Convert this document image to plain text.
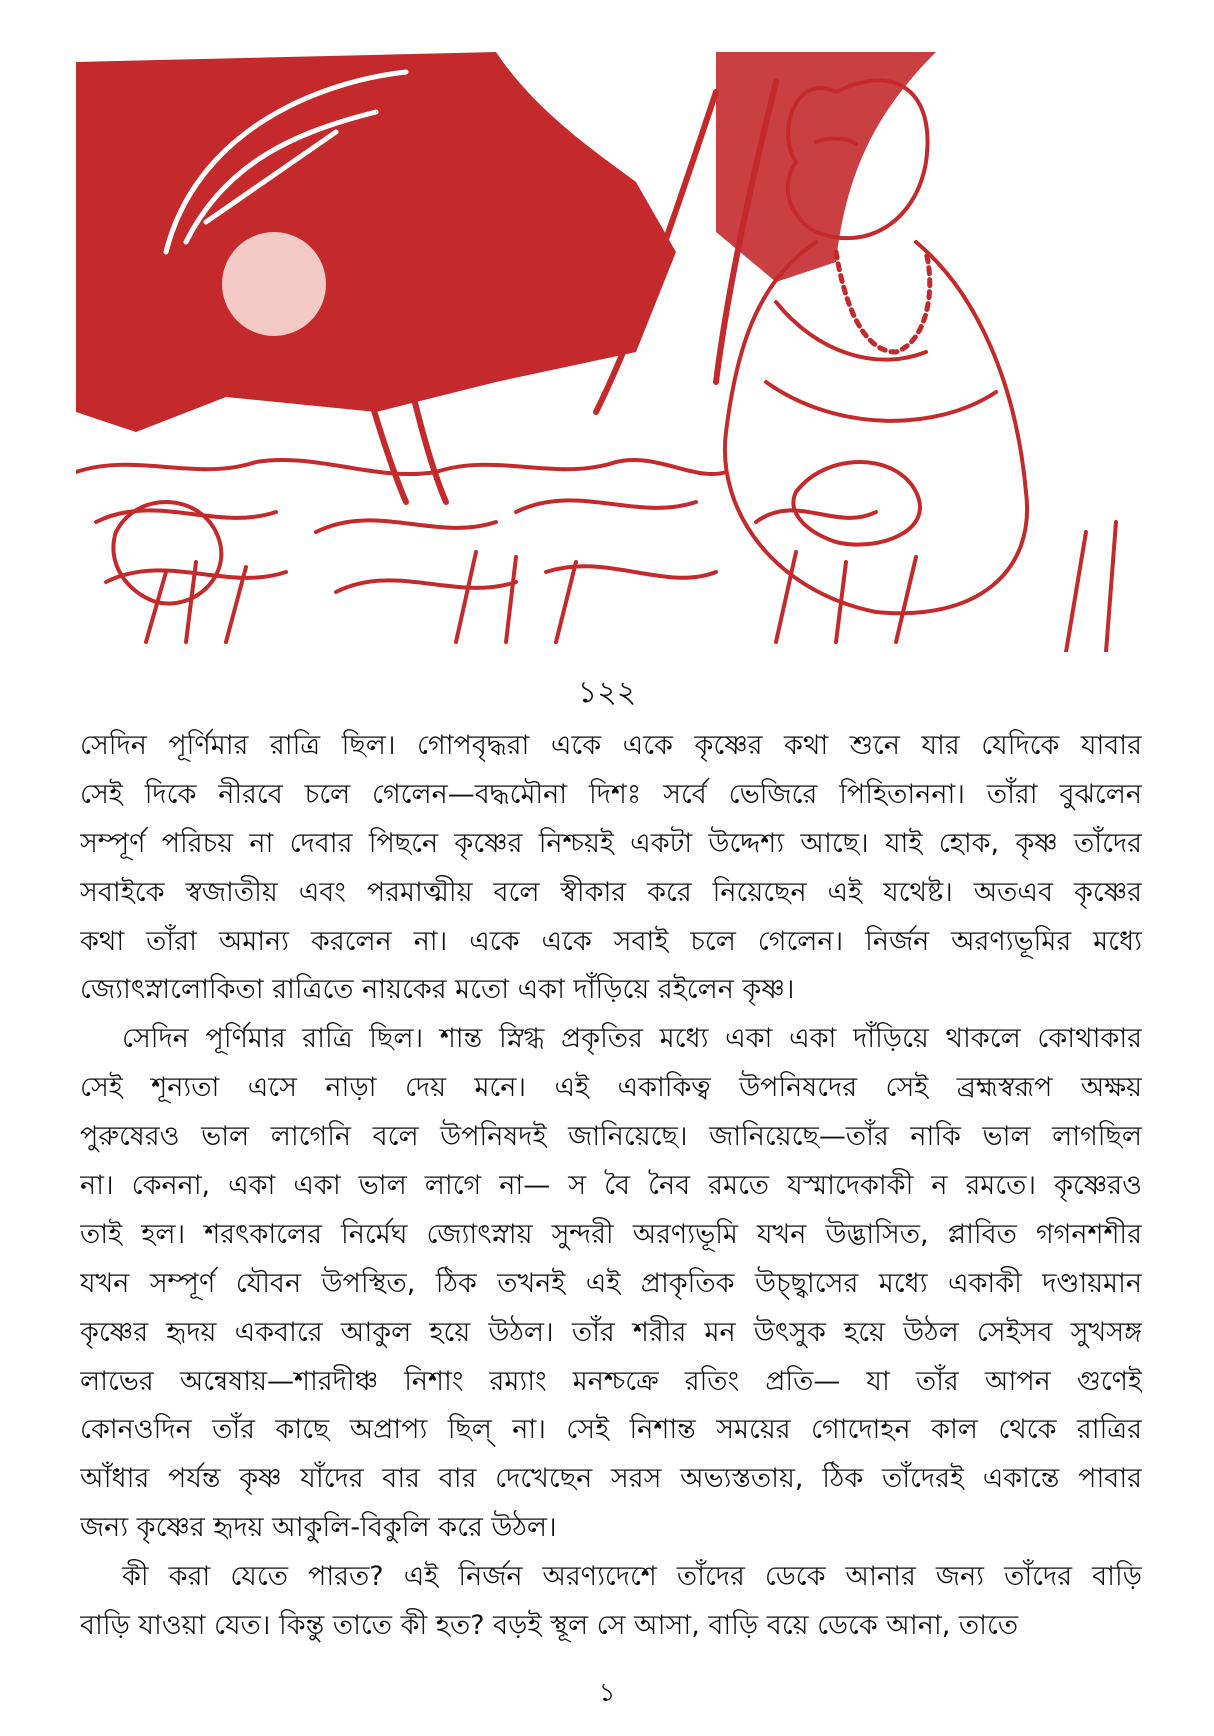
১২২
সেদিন পূর্ণিমার রাত্রি ছিল। গোপবৃদ্ধরা একে একে কৃষ্ণের কথা শুনে যার যেদিকে যাবার
সেই দিকে নীরবে চলে গেলেন—বদ্ধমৌনা দিশঃ সর্বে ভেজিরে পিহিতাননা। তাঁরা বুঝলেন
সম্পূর্ণ পরিচয় না দেবার পিছনে কৃষ্ণের নিশ্চয়ই একটা উদ্দেশ্য আছে। যাই হোক, কৃষ্ণ তাঁদের
সবাইকে স্বজাতীয় এবং পরমাত্মীয় বলে স্বীকার করে নিয়েছেন এই যথেষ্ট। অতএব কৃষ্ণের
কথা তাঁরা অমান্য করলেন না। একে একে সবাই চলে গেলেন। নির্জন অরণ্যভূমির মধ্যে
জ্যোৎস্নালোকিতা রাত্রিতে নায়কের মতো একা দাঁড়িয়ে রইলেন কৃষ্ণ।
সেদিন পূর্ণিমার রাত্রি ছিল। শান্ত স্নিগ্ধ প্রকৃতির মধ্যে একা একা দাঁড়িয়ে থাকলে কোথাকার
সেই শূন্যতা এসে নাড়া দেয় মনে। এই একাকিত্ব উপনিষদের সেই ব্রহ্মস্বরূপ অক্ষয়
পুরুষেরও ভাল লাগেনি বলে উপনিষদই জানিয়েছে। জানিয়েছে—তাঁর নাকি ভাল লাগছিল
না। কেননা, একা একা ভাল লাগে না— স বৈ নৈব রমতে যস্মাদেকাকী ন রমতে। কৃষ্ণেরও
তাই হল। শরৎকালের নির্মেঘ জ্যোৎস্নায় সুন্দরী অরণ্যভূমি যখন উদ্ভাসিত, প্লাবিত গগনশশীর
যখন সম্পূর্ণ যৌবন উপস্থিত, ঠিক তখনই এই প্রাকৃতিক উচ্ছ্বাসের মধ্যে একাকী দণ্ডায়মান
কৃষ্ণের হৃদয় একবারে আকুল হয়ে উঠল। তাঁর শরীর মন উৎসুক হয়ে উঠল সেইসব সুখসঙ্গ
লাভের অন্বেষায়—শারদীঞ্চ নিশাং রম্যাং মনশ্চক্রে রতিং প্রতি— যা তাঁর আপন গুণেই
কোনওদিন তাঁর কাছে অপ্রাপ্য ছিল্ না। সেই নিশান্ত সময়ের গোদোহন কাল থেকে রাত্রির
আঁধার পর্যন্ত কৃষ্ণ যাঁদের বার বার দেখেছেন সরস অভ্যস্ততায়, ঠিক তাঁদেরই একান্তে পাবার
জন্য কৃষ্ণের হৃদয় আকুলি-বিকুলি করে উঠল।
কী করা যেতে পারত? এই নির্জন অরণ্যদেশে তাঁদের ডেকে আনার জন্য তাঁদের বাড়ি
বাড়ি যাওয়া যেত। কিন্তু তাতে কী হত? বড়ই স্থূল সে আসা, বাড়ি বয়ে ডেকে আনা, তাতে
১
